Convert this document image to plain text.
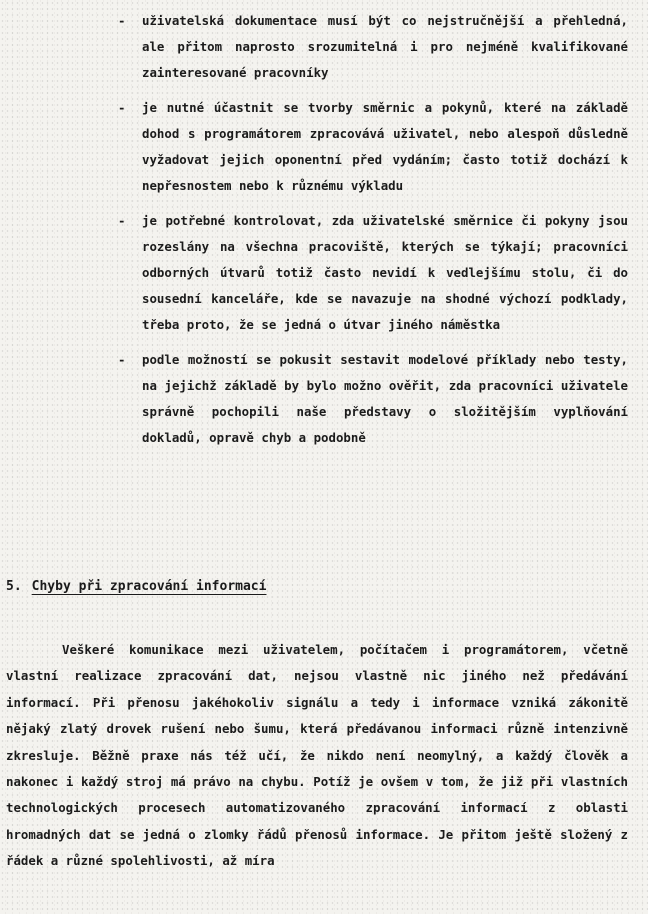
-	uživatelská dokumentace musí být co nejstručnější a přehledná, ale přitom naprosto srozumitelná i pro nejméně kvalifikované zainteresované pracovníky
-	je nutné účastnit se tvorby směrnic a pokynů, které na základě dohod s programátorem zpracovává uživatel, nebo alespoň důsledně vyžadovat jejich oponentní před vydáním; často totiž dochází k nepřesnostem nebo k různému výkladu
-	je potřebné kontrolovat, zda uživatelské směrnice či pokyny jsou rozeslány na všechna pracoviště, kterých se týkají; pracovníci odborných útvarů totiž často nevidí k vedlejšímu stolu, či do sousední kanceláře, kde se navazuje na shodné výchozí podklady, třeba proto, že se jedná o útvar jiného náměstka
-	podle možností se pokusit sestavit modelové příklady nebo testy, na jejichž základě by bylo možno ověřit, zda pracovníci uživatele správně pochopili naše představy o složitějším vyplňování dokladů, opravě chyb a podobně
5. Chyby při zpracování informací
Veškeré komunikace mezi uživatelem, počítačem i programátorem, včetně vlastní realizace zpracování dat, nejsou vlastně nic jiného než předávání informací. Při přenosu jakéhokoliv signálu a tedy i informace vzniká zákonitě nějaký zlatý drovek rušení nebo šumu, která předávanou informaci různě intenzivně zkresluje. Běžně praxe nás též učí, že nikdo není neomylný, a každý člověk a nakonec i každý stroj má právo na chybu. Potíž je ovšem v tom, že již při vlastních technologických procesech automatizovaného zpracování informací z oblasti hromadných dat se jedná o zlomky řádů přenosů informace. Je přitom ještě složený z řádek a různé spolehlivosti, až míra
